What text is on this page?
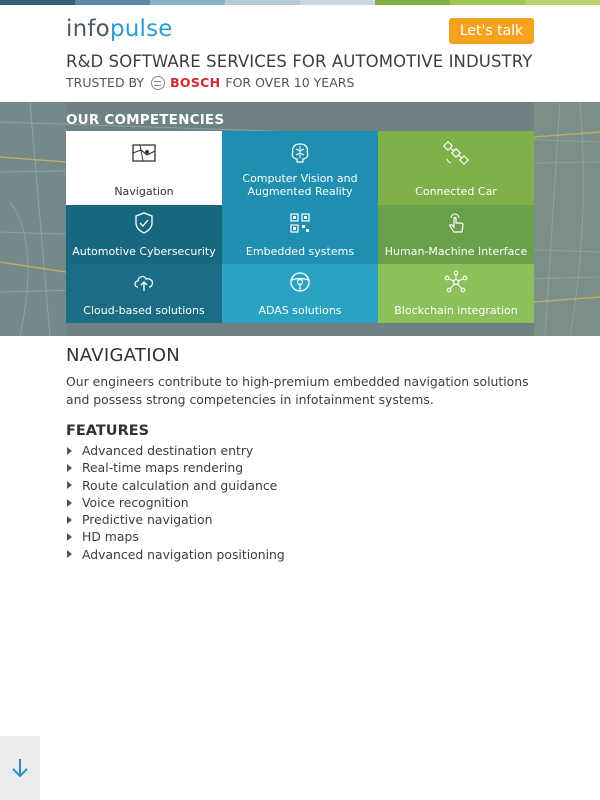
infopulse	Let's talk
R&D SOFTWARE SERVICES FOR AUTOMOTIVE INDUSTRY
TRUSTED BY BOSCH FOR OVER 10 YEARS
OUR COMPETENCIES
Navigation
Computer Vision and Augmented Reality	Connected Car
Automotive Cybersecurity	Embedded systems	Human-Machine Interface
Cloud-based solutions	ADAS solutions	Blockchain integration
NAVIGATION

Our engineers contribute to high-premium embedded navigation solutions and possess strong competencies in infotainment systems.

FEATURES
Advanced destination entry
Real-time maps rendering
Route calculation and guidance
Voice recognition
Predictive navigation
HD maps
Advanced navigation positioning
